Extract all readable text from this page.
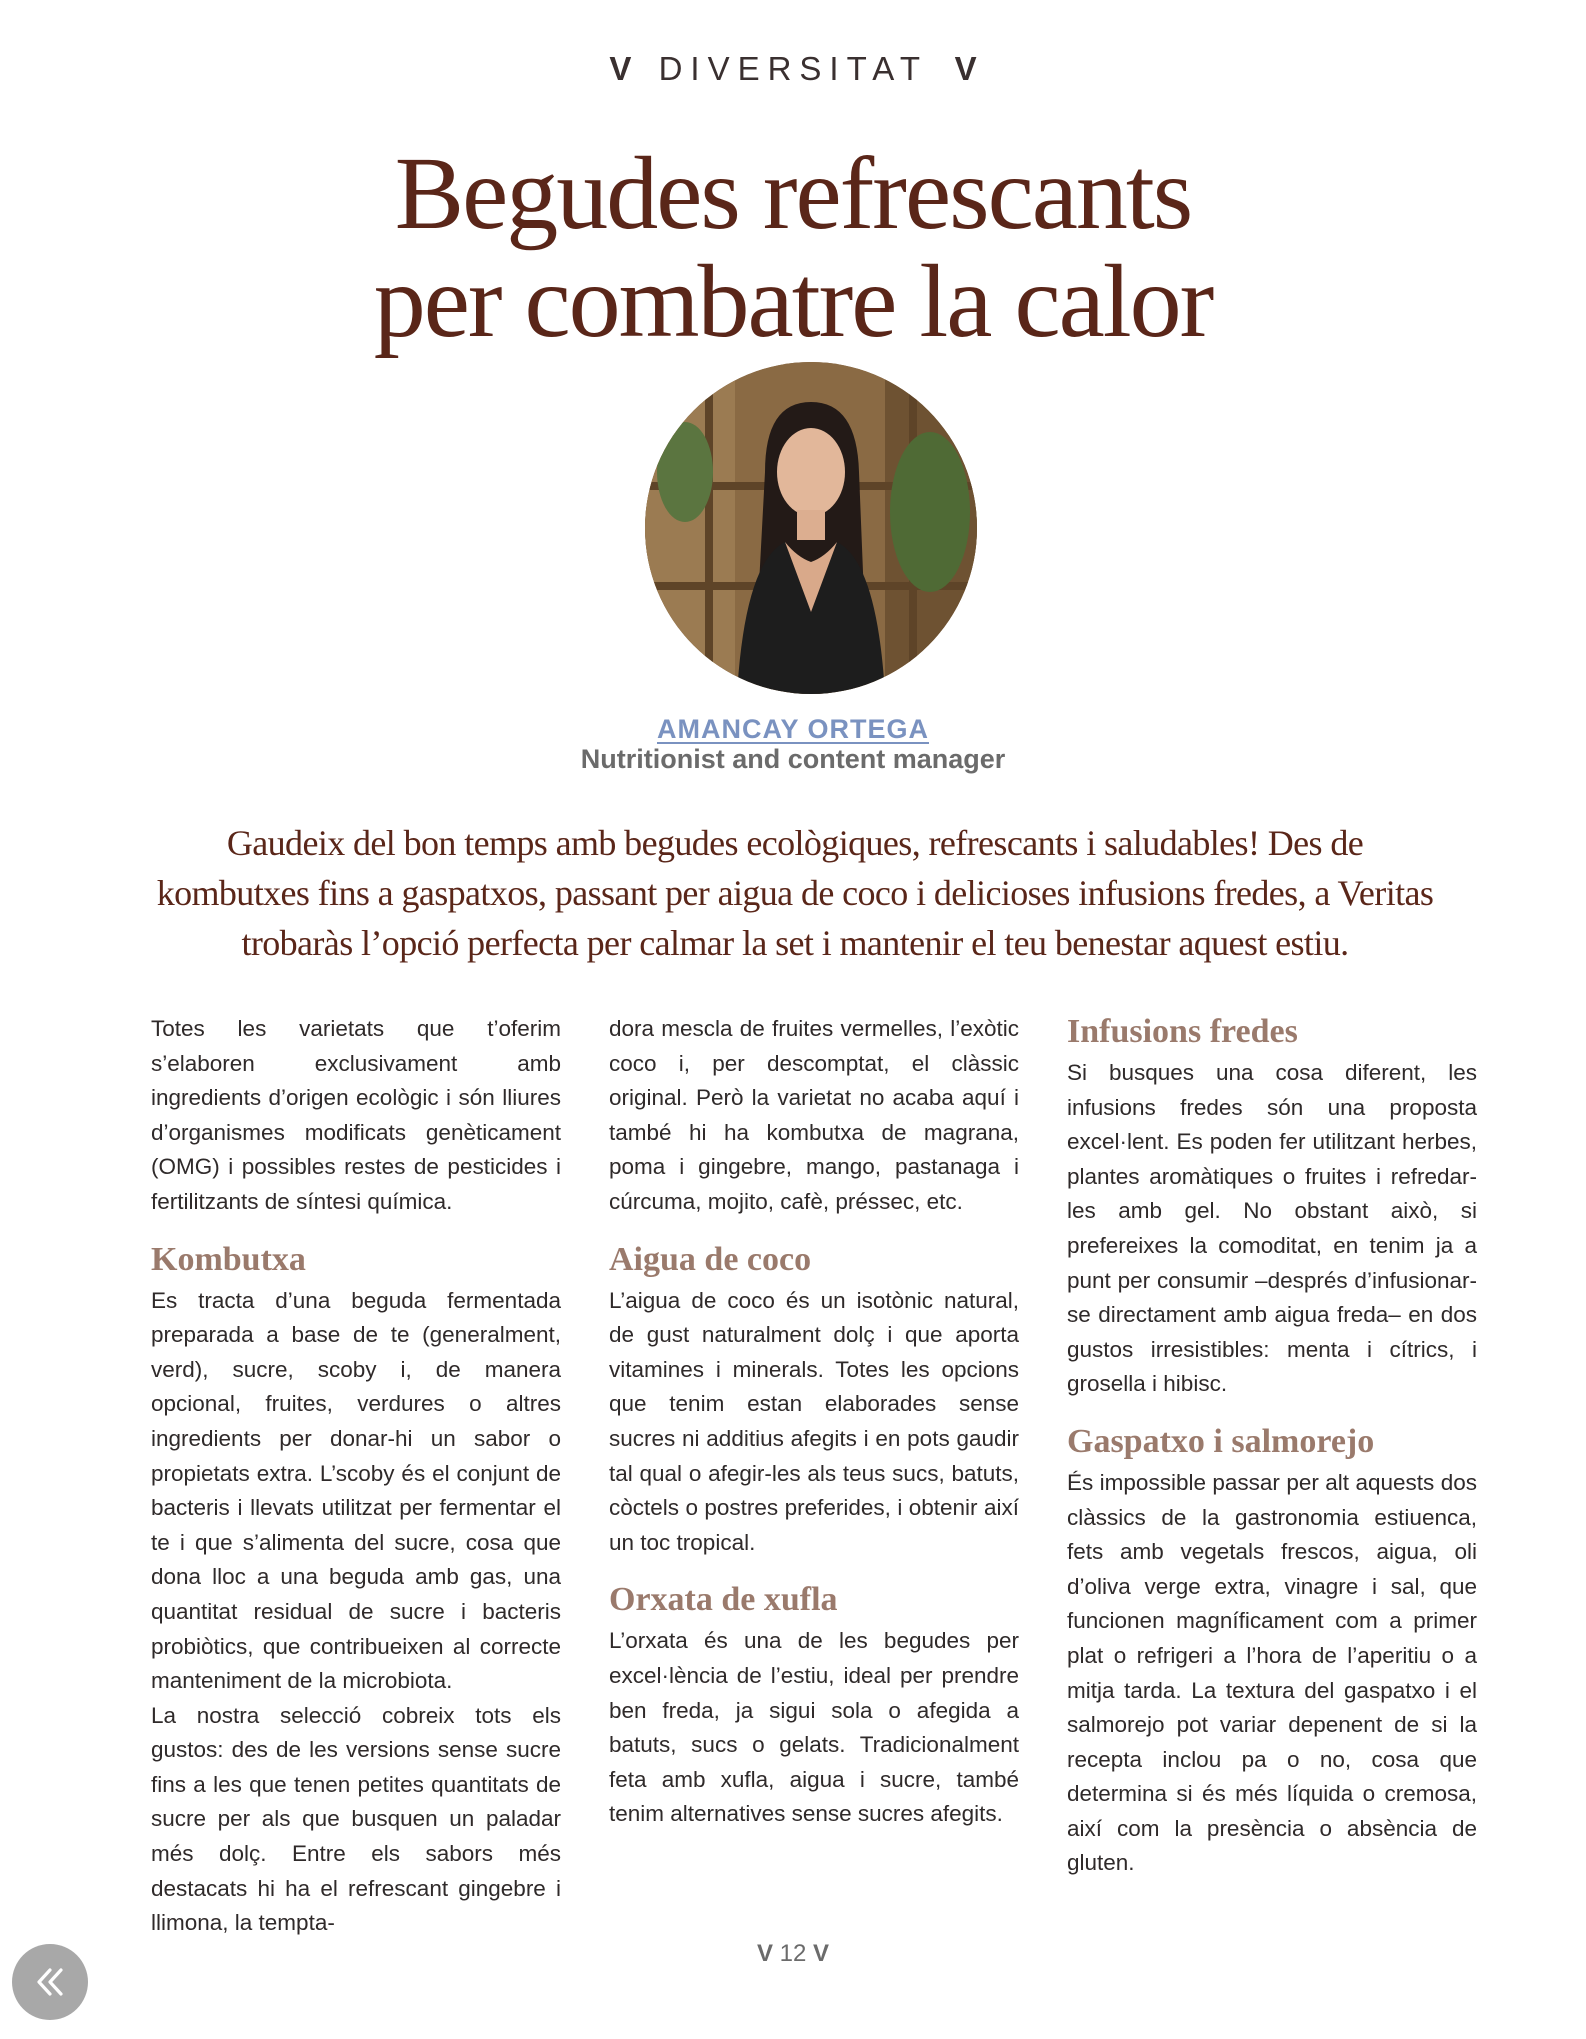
V DIVERSITAT V
Begudes refrescants
per combatre la calor
AMANCAY ORTEGA
Nutritionist and content manager
Gaudeix del bon temps amb begudes ecològiques, refrescants i saludables! Des de kombutxes fins a gaspatxos, passant per aigua de coco i delicioses infusions fredes, a Veritas trobaràs l’opció perfecta per calmar la set i mantenir el teu benestar aquest estiu.

Totes les varietats que t’oferim s’elaboren exclusivament amb ingredients d’origen ecològic i són lliures d’organismes modificats genèticament (OMG) i possibles restes de pesticides i fertilitzants de síntesi química.

Kombutxa

Es tracta d’una beguda fermentada preparada a base de te (generalment, verd), sucre, scoby i, de manera opcional, fruites, verdures o altres ingredients per donar-hi un sabor o propietats extra. L’scoby és el conjunt de bacteris i llevats utilitzat per fermentar el te i que s’alimenta del sucre, cosa que dona lloc a una beguda amb gas, una quantitat residual de sucre i bacteris probiòtics, que contribueixen al correcte manteniment de la microbiota.

La nostra selecció cobreix tots els gustos: des de les versions sense sucre fins a les que tenen petites quantitats de sucre per als que busquen un paladar més dolç. Entre els sabors més destacats hi ha el refrescant gingebre i llimona, la tempta-

dora mescla de fruites vermelles, l’exòtic coco i, per descomptat, el clàssic original. Però la varietat no acaba aquí i també hi ha kombutxa de magrana, poma i gingebre, mango, pastanaga i cúrcuma, mojito, cafè, préssec, etc.

Aigua de coco

L’aigua de coco és un isotònic natural, de gust naturalment dolç i que aporta vitamines i minerals. Totes les opcions que tenim estan elaborades sense sucres ni additius afegits i en pots gaudir tal qual o afegir-les als teus sucs, batuts, còctels o postres preferides, i obtenir així un toc tropical.

Orxata de xufla

L’orxata és una de les begudes per excel·lència de l’estiu, ideal per prendre ben freda, ja sigui sola o afegida a batuts, sucs o gelats. Tradicionalment feta amb xufla, aigua i sucre, també tenim alternatives sense sucres afegits.

Infusions fredes

Si busques una cosa diferent, les infusions fredes són una proposta excel·lent. Es poden fer utilitzant herbes, plantes aromàtiques o fruites i refredar-les amb gel. No obstant això, si prefereixes la comoditat, en tenim ja a punt per consumir –després d’infusionar-se directament amb aigua freda– en dos gustos irresistibles: menta i cítrics, i grosella i hibisc.

Gaspatxo i salmorejo

És impossible passar per alt aquests dos clàssics de la gastronomia estiuenca, fets amb vegetals frescos, aigua, oli d’oliva verge extra, vinagre i sal, que funcionen magníficament com a primer plat o refrigeri a l’hora de l’aperitiu o a mitja tarda. La textura del gaspatxo i el salmorejo pot variar depenent de si la recepta inclou pa o no, cosa que determina si és més líquida o cremosa, així com la presència o absència de gluten.

V 12 V
